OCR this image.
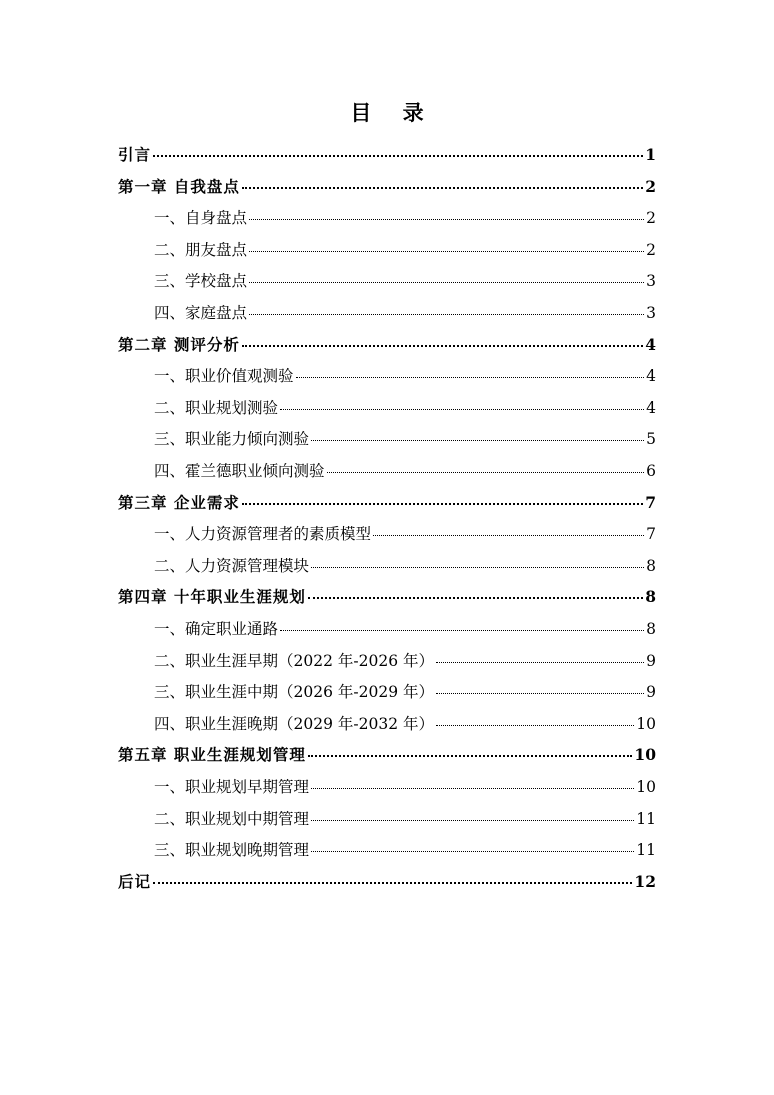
目 录
引言	1
第一章 自我盘点	2
一、自身盘点	2
二、朋友盘点	2
三、学校盘点	3
四、家庭盘点	3
第二章 测评分析	4
一、职业价值观测验	4
二、职业规划测验	4
三、职业能力倾向测验	5
四、霍兰德职业倾向测验	6
第三章 企业需求	7
一、人力资源管理者的素质模型	7
二、人力资源管理模块	8
第四章 十年职业生涯规划	8
一、确定职业通路	8
二、职业生涯早期（2022 年-2026 年）	9
三、职业生涯中期（2026 年-2029 年）	9
四、职业生涯晚期（2029 年-2032 年）	10
第五章 职业生涯规划管理	10
一、职业规划早期管理	10
二、职业规划中期管理	11
三、职业规划晚期管理	11
后记	12
